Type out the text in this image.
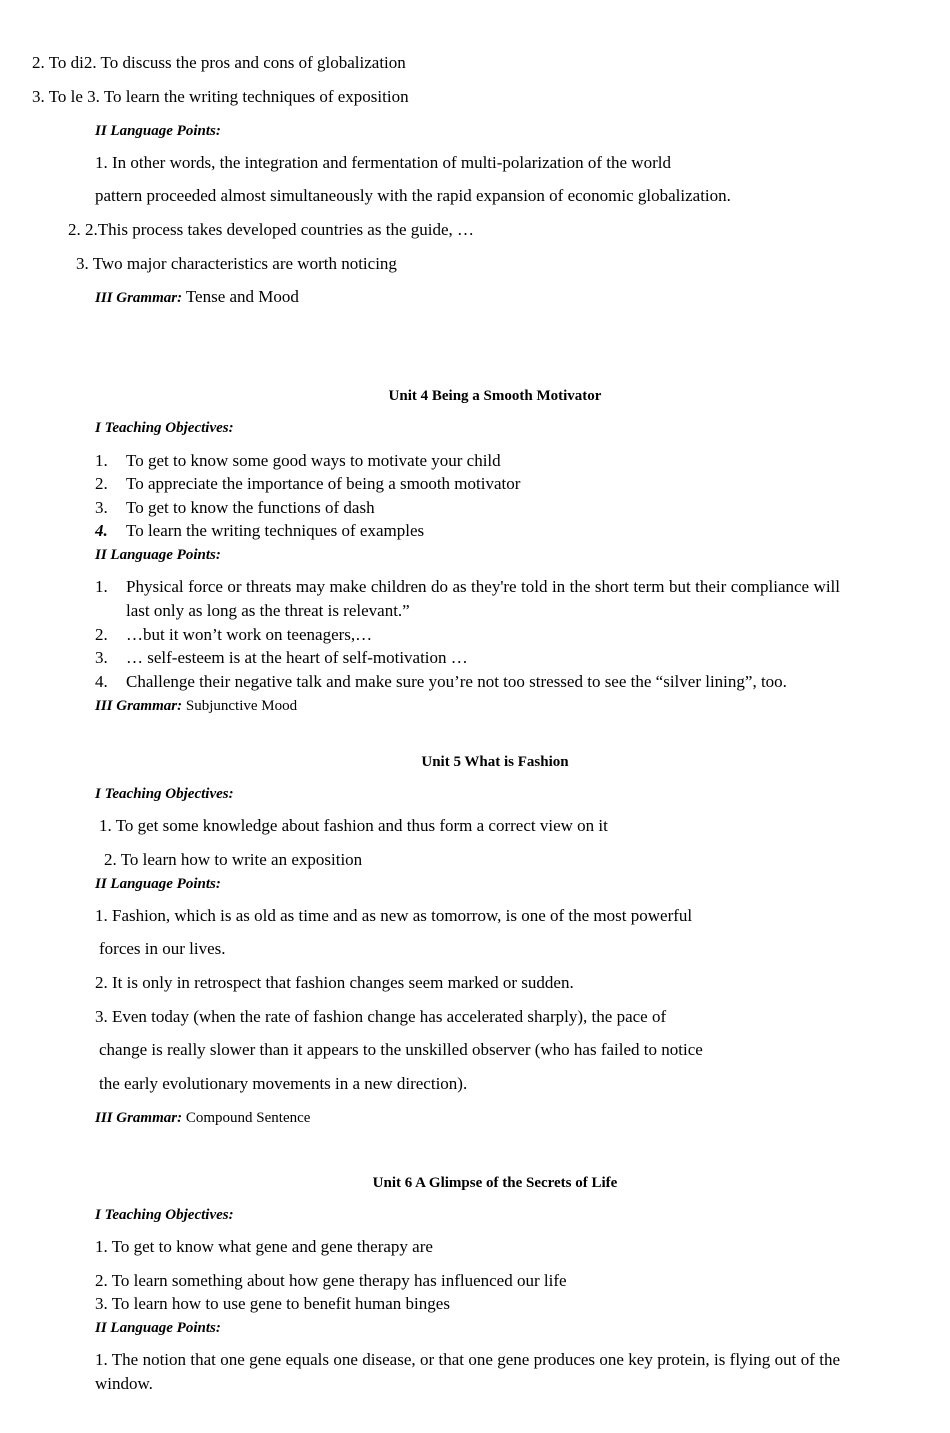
2. To di2. To discuss the pros and cons of globalization
3. To le 3. To learn the writing techniques of exposition
II Language Points:
1. In other words, the integration and fermentation of multi-polarization of the world
pattern proceeded almost simultaneously with the rapid expansion of economic globalization.
2. 2.This process takes developed countries as the guide, …
3. Two major characteristics are worth noticing
III Grammar: Tense and Mood
Unit 4 Being a Smooth Motivator
I Teaching Objectives:
1. To get to know some good ways to motivate your child
2. To appreciate the importance of being a smooth motivator
3. To get to know the functions of dash
4. To learn the writing techniques of examples
II Language Points:
1. Physical force or threats may make children do as they're told in the short term but their compliance will last only as long as the threat is relevant.”
2. …but it won’t work on teenagers,…
3. … self-esteem is at the heart of self-motivation …
4. Challenge their negative talk and make sure you’re not too stressed to see the “silver lining”, too.
III Grammar: Subjunctive Mood
Unit 5 What is Fashion
I Teaching Objectives:
1. To get some knowledge about fashion and thus form a correct view on it
2. To learn how to write an exposition
II Language Points:
1. Fashion, which is as old as time and as new as tomorrow, is one of the most powerful
forces in our lives.
2. It is only in retrospect that fashion changes seem marked or sudden.
3. Even today (when the rate of fashion change has accelerated sharply), the pace of
change is really slower than it appears to the unskilled observer (who has failed to notice
the early evolutionary movements in a new direction).
III Grammar: Compound Sentence
Unit 6 A Glimpse of the Secrets of Life
I Teaching Objectives:
1. To get to know what gene and gene therapy are
2. To learn something about how gene therapy has influenced our life
3. To learn how to use gene to benefit human binges
II Language Points:
1. The notion that one gene equals one disease, or that one gene produces one key protein, is flying out of the window.
